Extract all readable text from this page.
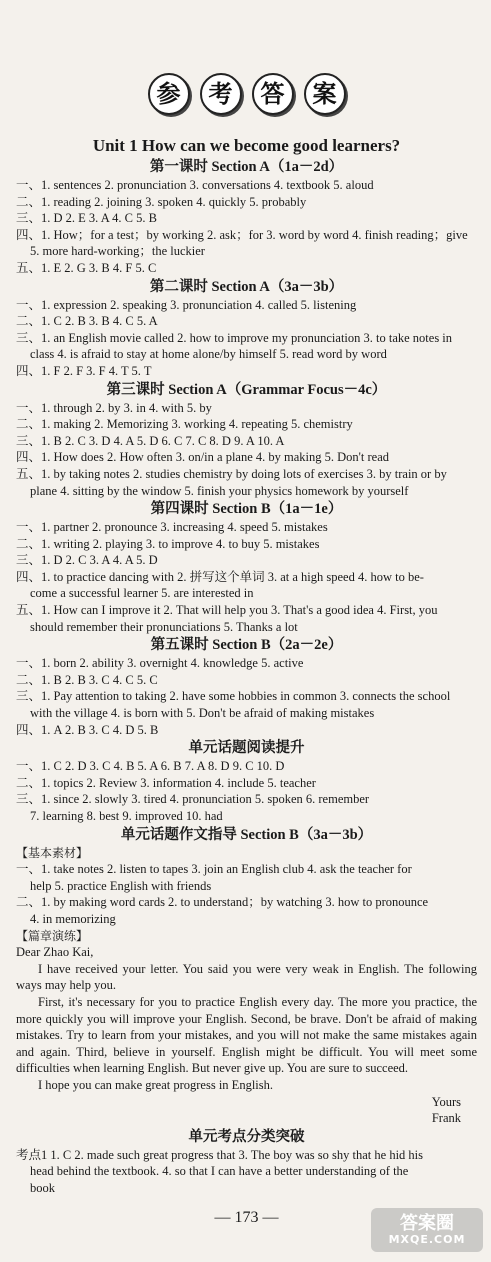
参	考	答	案
Unit 1 How can we become good learners?
第一课时 Section A（1a－2d）
一、1. sentences 2. pronunciation 3. conversations 4. textbook 5. aloud
二、1. reading 2. joining 3. spoken 4. quickly 5. probably
三、1. D 2. E 3. A 4. C 5. B
四、1. How；for a test；by working 2. ask；for 3. word by word 4. finish reading；give
5. more hard-working；the luckier
五、1. E 2. G 3. B 4. F 5. C
第二课时 Section A（3a－3b）
一、1. expression 2. speaking 3. pronunciation 4. called 5. listening
二、1. C 2. B 3. B 4. C 5. A
三、1. an English movie called 2. how to improve my pronunciation 3. to take notes in
class 4. is afraid to stay at home alone/by himself 5. read word by word
四、1. F 2. F 3. F 4. T 5. T
第三课时 Section A（Grammar Focus－4c）
一、1. through 2. by 3. in 4. with 5. by
二、1. making 2. Memorizing 3. working 4. repeating 5. chemistry
三、1. B 2. C 3. D 4. A 5. D 6. C 7. C 8. D 9. A 10. A
四、1. How does 2. How often 3. on/in a plane 4. by making 5. Don't read
五、1. by taking notes 2. studies chemistry by doing lots of exercises 3. by train or by
plane 4. sitting by the window 5. finish your physics homework by yourself
第四课时 Section B（1a－1e）
一、1. partner 2. pronounce 3. increasing 4. speed 5. mistakes
二、1. writing 2. playing 3. to improve 4. to buy 5. mistakes
三、1. D 2. C 3. A 4. A 5. D
四、1. to practice dancing with 2. 拼写这个单词 3. at a high speed 4. how to be-
come a successful learner 5. are interested in
五、1. How can I improve it 2. That will help you 3. That's a good idea 4. First, you
should remember their pronunciations 5. Thanks a lot
第五课时 Section B（2a－2e）
一、1. born 2. ability 3. overnight 4. knowledge 5. active
二、1. B 2. B 3. C 4. C 5. C
三、1. Pay attention to taking 2. have some hobbies in common 3. connects the school
with the village 4. is born with 5. Don't be afraid of making mistakes
四、1. A 2. B 3. C 4. D 5. B
单元话题阅读提升
一、1. C 2. D 3. C 4. B 5. A 6. B 7. A 8. D 9. C 10. D
二、1. topics 2. Review 3. information 4. include 5. teacher
三、1. since 2. slowly 3. tired 4. pronunciation 5. spoken 6. remember
7. learning 8. best 9. improved 10. had
单元话题作文指导 Section B（3a－3b）
【基本素材】
一、1. take notes 2. listen to tapes 3. join an English club 4. ask the teacher for
help 5. practice English with friends
二、1. by making word cards 2. to understand；by watching 3. how to pronounce
4. in memorizing
【篇章演练】

Dear Zhao Kai,

I have received your letter. You said you were very weak in English. The following ways may help you.

First, it's necessary for you to practice English every day. The more you practice, the more quickly you will improve your English. Second, be brave. Don't be afraid of making mistakes. Try to learn from your mistakes, and you will not make the same mistakes again and again. Third, believe in yourself. English might be difficult. You will meet some difficulties when learning English. But never give up. You are sure to succeed.

I hope you can make great progress in English.

Yours
Frank
单元考点分类突破
考点1 1. C 2. made such great progress that 3. The boy was so shy that he hid his
head behind the textbook. 4. so that I can have a better understanding of the
book
— 173 —	答案圈
MXQE.COM
